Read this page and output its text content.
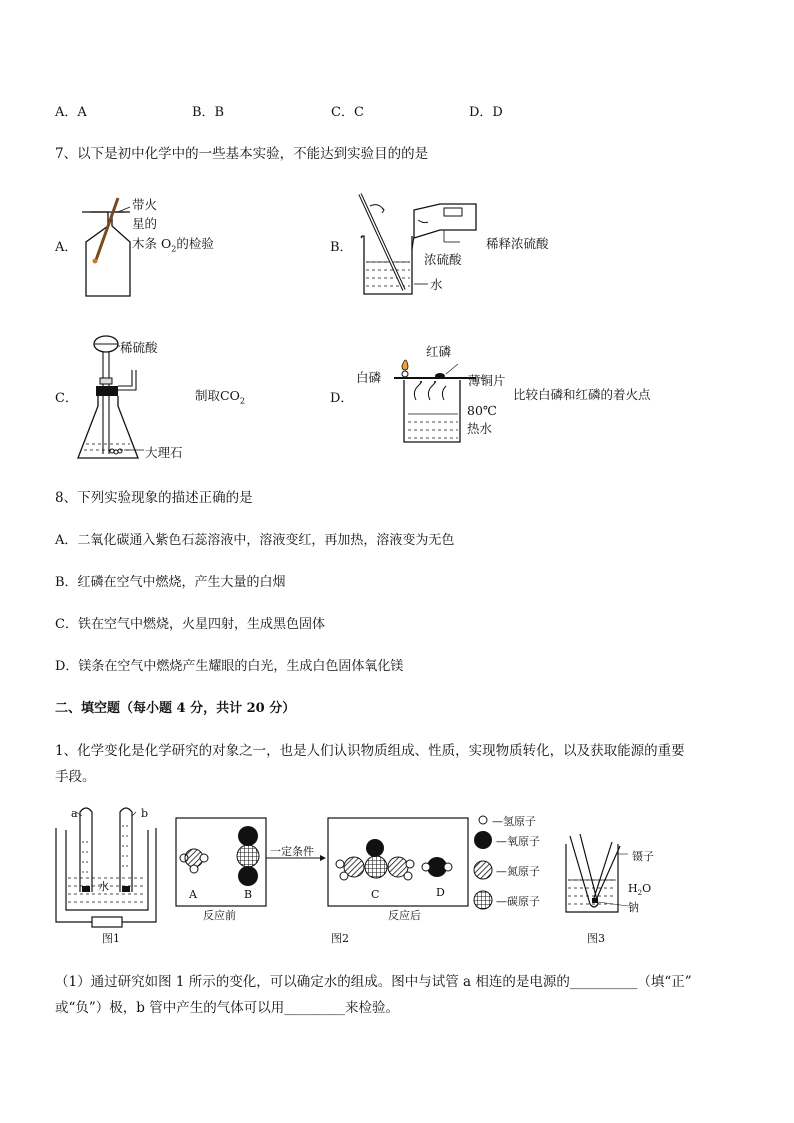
A．A	B．B	C．C	D．D
7、以下是初中化学中的一些基本实验，不能达到实验目的的是
A．
带火
星的
木条 $O_2$的检验	B．
浓硫酸
水
稀释浓硫酸
C．
稀硫酸
大理石
制取$CO_2$	D．
白磷
红磷
薄铜片
80℃
热水
比较白磷和红磷的着火点
8、下列实验现象的描述正确的是
A．二氧化碳通入紫色石蕊溶液中，溶液变红，再加热，溶液变为无色
B．红磷在空气中燃烧，产生大量的白烟
C．铁在空气中燃烧，火星四射，生成黑色固体
D．镁条在空气中燃烧产生耀眼的白光，生成白色固体氧化镁
二、填空题（每小题 4 分，共计 20 分）
1、化学变化是化学研究的对象之一，也是人们认识物质组成、性质，实现物质转化，以及获取能源的重要
手段。
a	b
水
图1
A	B
一定条件
C	D
反应前	反应后
图2
—氢原子
—氧原子
—氮原子
—碳原子
镊子
$H_2O$
钠
图3
（1）通过研究如图 1 所示的变化，可以确定水的组成。图中与试管 a 相连的是电源的__________（填“正”
或“负”）极，b 管中产生的气体可以用_________来检验。
